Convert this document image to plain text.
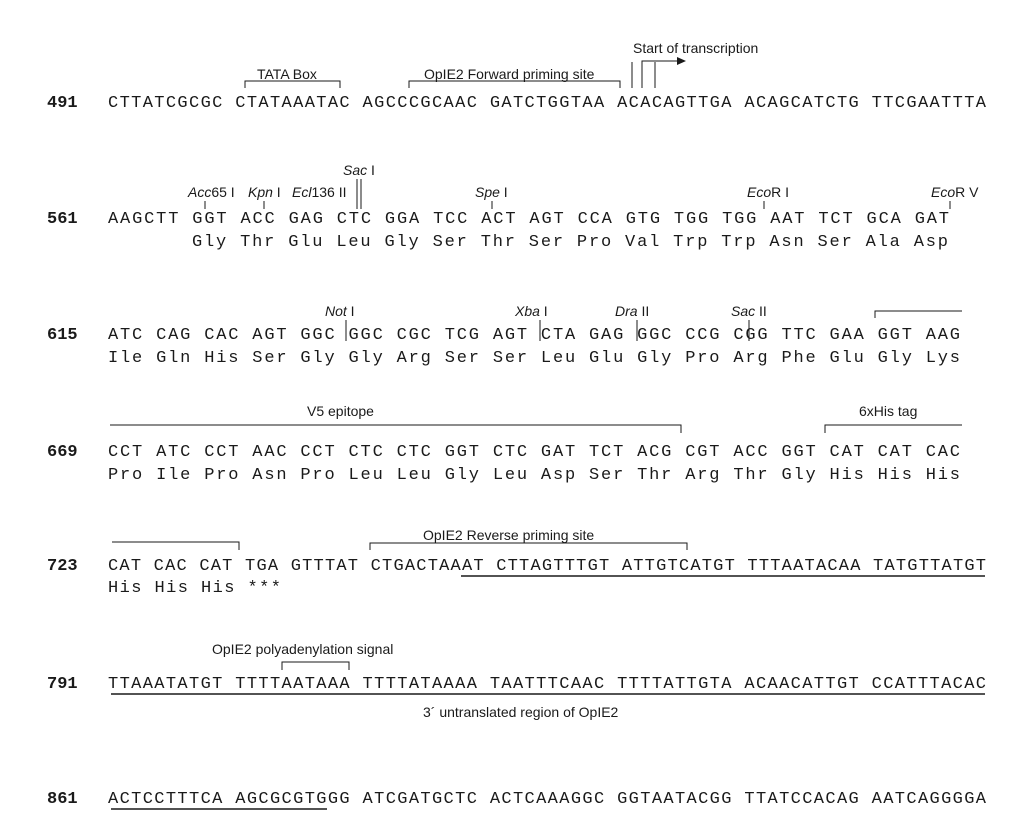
TATA Box	OpIE2 Forward priming site
Start of transcription
491 CTTATCGCGC CTATAAATAC AGCCCGCAAC GATCTGGTAA ACACAGTTGA ACAGCATCTG TTCGAATTTA
Sac I
Acc65 I Kpn I Ecl136 II	Spe I	EcoR I	EcoR V
561 AAGCTT GGT ACC GAG CTC GGA TCC ACT AGT CCA GTG TGG TGG AAT TCT GCA GAT
Gly Thr Glu Leu Gly Ser Thr Ser Pro Val Trp Trp Asn Ser Ala Asp
Not I	Xba I	Dra II	Sac II
615 ATC CAG CAC AGT GGC GGC CGC TCG AGT CTA GAG GGC CCG CGG TTC GAA GGT AAG
Ile Gln His Ser Gly Gly Arg Ser Ser Leu Glu Gly Pro Arg Phe Glu Gly Lys
V5 epitope	6xHis tag
669 CCT ATC CCT AAC CCT CTC CTC GGT CTC GAT TCT ACG CGT ACC GGT CAT CAT CAC
Pro Ile Pro Asn Pro Leu Leu Gly Leu Asp Ser Thr Arg Thr Gly His His His
OpIE2 Reverse priming site
723 CAT CAC CAT TGA GTTTAT CTGACTAAAT CTTAGTTTGT ATTGTCATGT TTTAATACAA TATGTTATGT
His His His ***
OpIE2 polyadenylation signal
791 TTAAATATGT TTTTAATAAA TTTTATAAAA TAATTTCAAC TTTTATTGTA ACAACATTGT CCATTTACAC
3´ untranslated region of OpIE2
861 ACTCCTTTCA AGCGCGTGGG ATCGATGCTC ACTCAAAGGC GGTAATACGG TTATCCACAG AATCAGGGGA
